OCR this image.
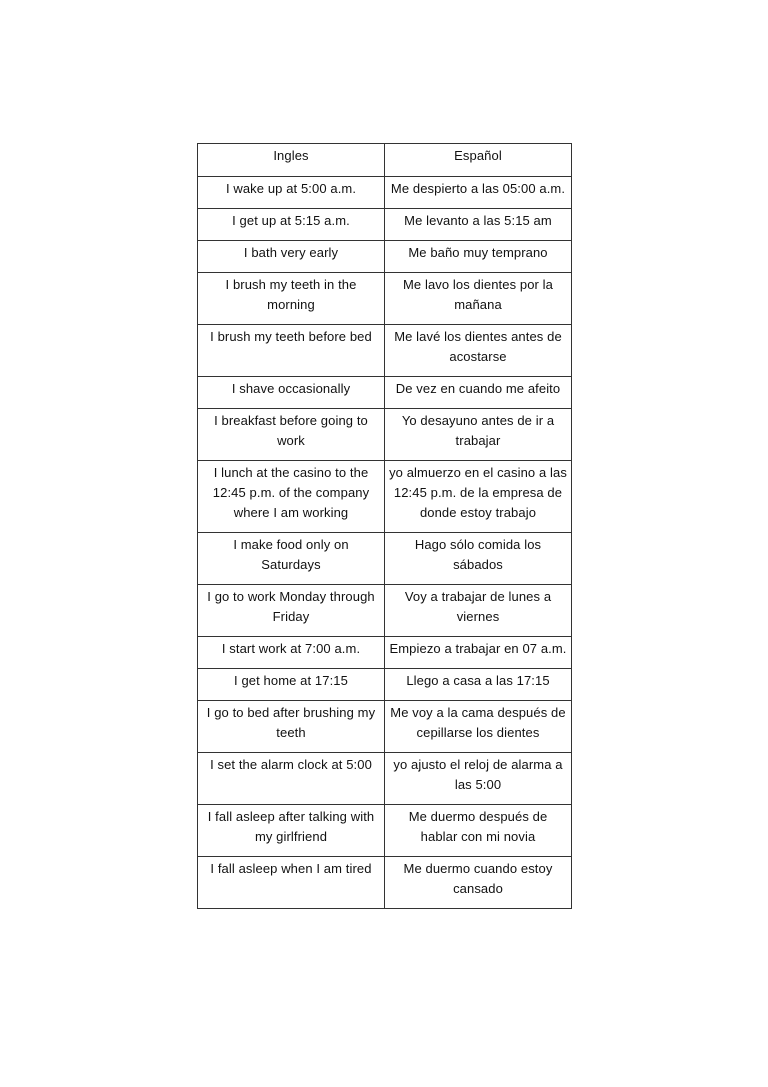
Ingles	Español
I wake up at 5:00 a.m.	Me despierto a las 05:00 a.m.
I get up at 5:15 a.m.	Me levanto a las 5:15 am
I bath very early	Me baño muy temprano
I brush my teeth in the morning	Me lavo los dientes por la mañana
I brush my teeth before bed	Me lavé los dientes antes de acostarse
I shave occasionally	De vez en cuando me afeito
I breakfast before going to work	Yo desayuno antes de ir a trabajar
I lunch at the casino to the 12:45 p.m. of the company where I am working	yo almuerzo en el casino a las 12:45 p.m. de la empresa de donde estoy trabajo
I make food only on Saturdays	Hago sólo comida los sábados
I go to work Monday through Friday	Voy a trabajar de lunes a viernes
I start work at 7:00 a.m.	Empiezo a trabajar en 07 a.m.
I get home at 17:15	Llego a casa a las 17:15
I go to bed after brushing my teeth	Me voy a la cama después de cepillarse los dientes
I set the alarm clock at 5:00	yo ajusto el reloj de alarma a las 5:00
I fall asleep after talking with my girlfriend	Me duermo después de hablar con mi novia
I fall asleep when I am tired	Me duermo cuando estoy cansado
